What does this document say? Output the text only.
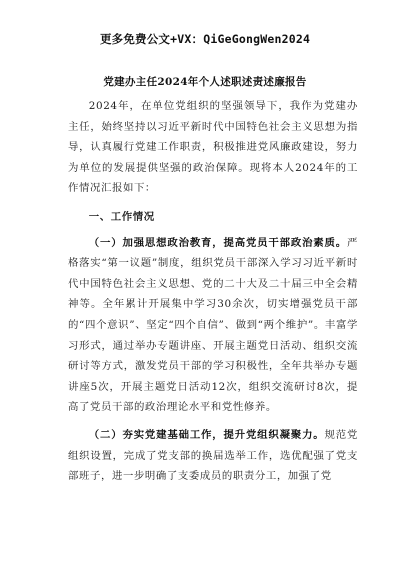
更多免费公文+VX：QiGeGongWen2024
党建办主任2024年个人述职述责述廉报告

2024年，在单位党组织的坚强领导下，我作为党建办主任，始终坚持以习近平新时代中国特色社会主义思想为指导，认真履行党建工作职责，积极推进党风廉政建设，努力为单位的发展提供坚强的政治保障。现将本人2024年的工作情况汇报如下：

一、工作情况

（一）加强思想政治教育，提高党员干部政治素质。严格落实“第一议题”制度，组织党员干部深入学习习近平新时代中国特色社会主义思想、党的二十大及二十届三中全会精神等。全年累计开展集中学习30余次，切实增强党员干部的“四个意识”、坚定“四个自信”、做到“两个维护”。丰富学习形式，通过举办专题讲座、开展主题党日活动、组织交流研讨等方式，激发党员干部的学习积极性，全年共举办专题讲座5次，开展主题党日活动12次，组织交流研讨8次，提高了党员干部的政治理论水平和党性修养。

（二）夯实党建基础工作，提升党组织凝聚力。规范党组织设置，完成了党支部的换届选举工作，选优配强了党支部班子，进一步明确了支委成员的职责分工，加强了党
